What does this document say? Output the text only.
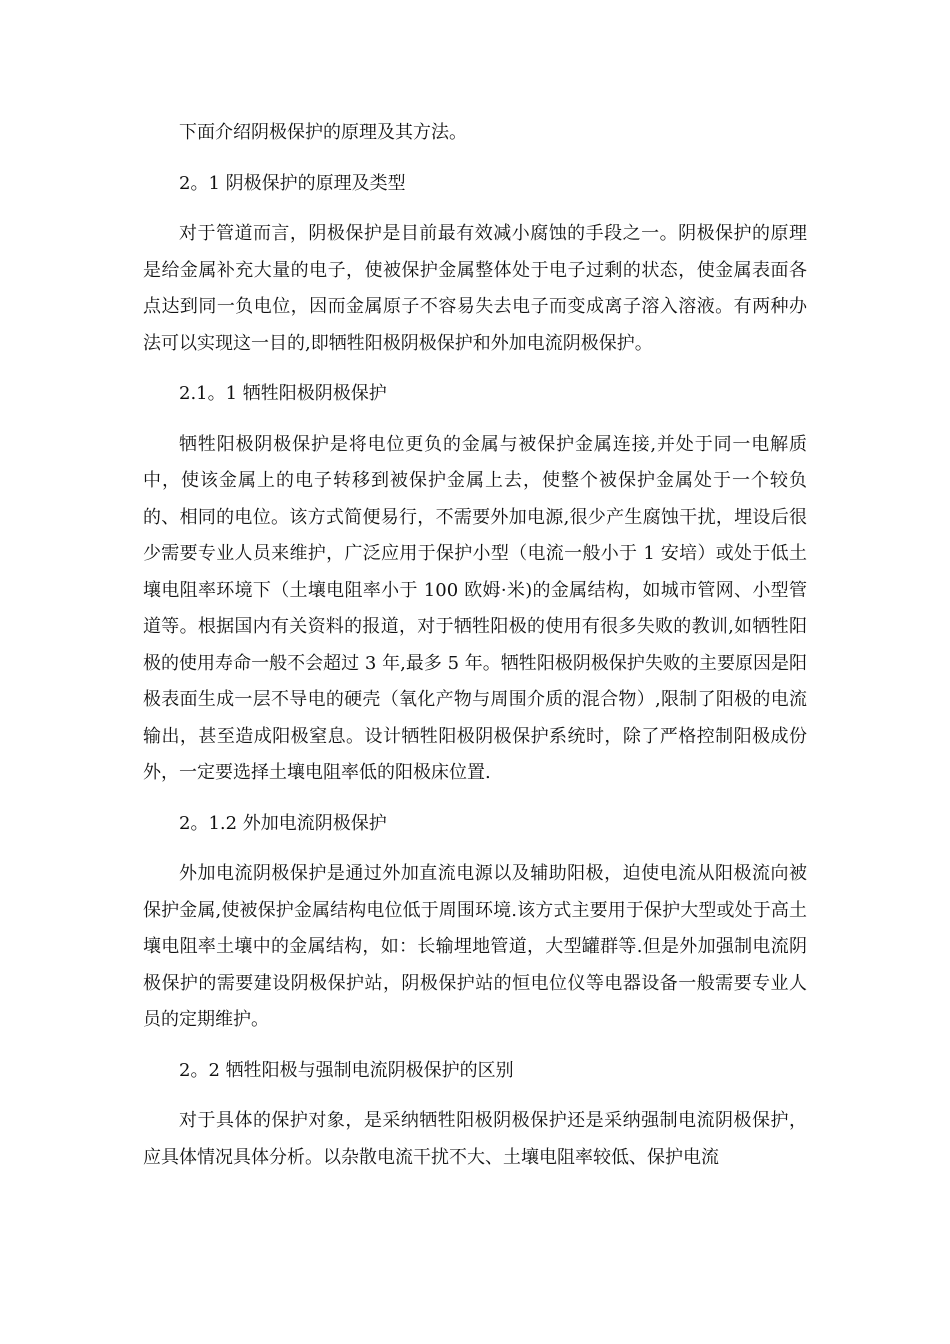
下面介绍阴极保护的原理及其方法。

2。1 阴极保护的原理及类型

对于管道而言，阴极保护是目前最有效减小腐蚀的手段之一。阴极保护的原理是给金属补充大量的电子，使被保护金属整体处于电子过剩的状态，使金属表面各点达到同一负电位，因而金属原子不容易失去电子而变成离子溶入溶液。有两种办法可以实现这一目的,即牺牲阳极阴极保护和外加电流阴极保护。

2.1。1 牺牲阳极阴极保护

牺牲阳极阴极保护是将电位更负的金属与被保护金属连接,并处于同一电解质中，使该金属上的电子转移到被保护金属上去，使整个被保护金属处于一个较负的、相同的电位。该方式简便易行，不需要外加电源,很少产生腐蚀干扰，埋设后很少需要专业人员来维护，广泛应用于保护小型（电流一般小于 1 安培）或处于低土壤电阻率环境下（土壤电阻率小于 100 欧姆·米)的金属结构，如城市管网、小型管道等。根据国内有关资料的报道，对于牺牲阳极的使用有很多失败的教训,如牺牲阳极的使用寿命一般不会超过 3 年,最多 5 年。牺牲阳极阴极保护失败的主要原因是阳极表面生成一层不导电的硬壳（氧化产物与周围介质的混合物）,限制了阳极的电流输出，甚至造成阳极窒息。设计牺牲阳极阴极保护系统时，除了严格控制阳极成份外，一定要选择土壤电阻率低的阳极床位置.

2。1.2 外加电流阴极保护

外加电流阴极保护是通过外加直流电源以及辅助阳极，迫使电流从阳极流向被保护金属,使被保护金属结构电位低于周围环境.该方式主要用于保护大型或处于高土壤电阻率土壤中的金属结构，如：长输埋地管道，大型罐群等.但是外加强制电流阴极保护的需要建设阴极保护站，阴极保护站的恒电位仪等电器设备一般需要专业人员的定期维护。

2。2 牺牲阳极与强制电流阴极保护的区别

对于具体的保护对象，是采纳牺牲阳极阴极保护还是采纳强制电流阴极保护，应具体情况具体分析。以杂散电流干扰不大、土壤电阻率较低、保护电流
